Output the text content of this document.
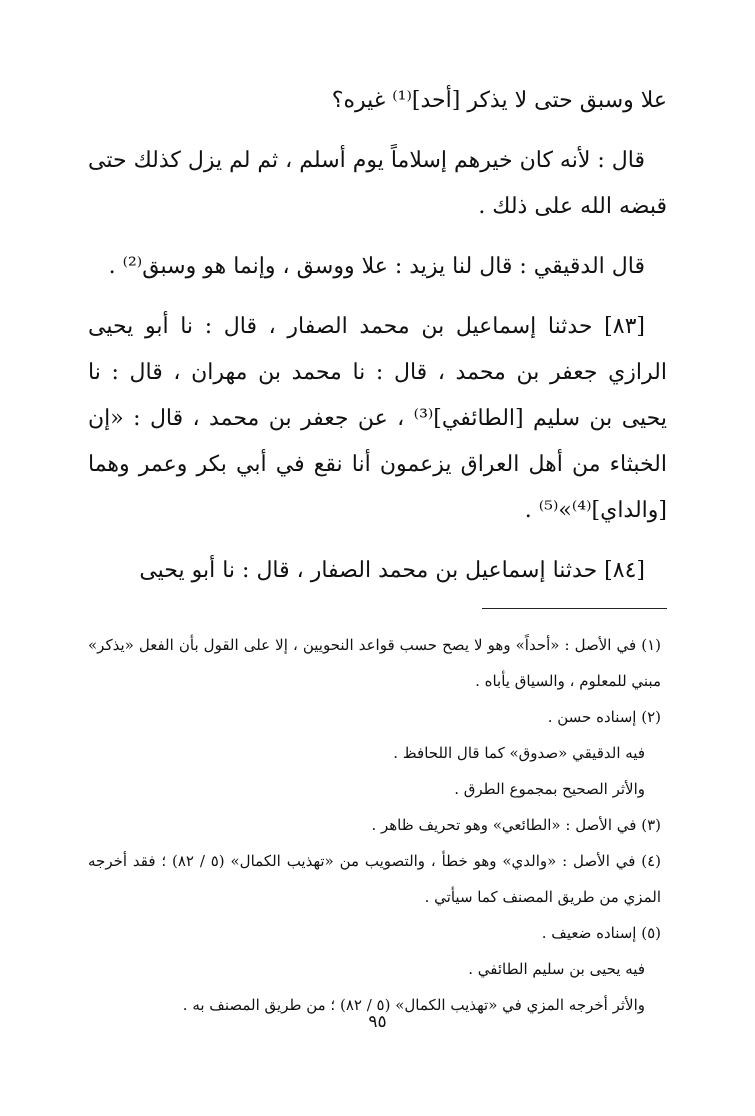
علا وسبق حتى لا يذكر [أحد]⁽¹⁾ غيره؟

قال : لأنه كان خيرهم إسلاماً يوم أسلم ، ثم لم يزل كذلك حتى قبضه الله على ذلك .

قال الدقيقي : قال لنا يزيد : علا ووسق ، وإنما هو وسبق⁽²⁾ .

[٨٣] حدثنا إسماعيل بن محمد الصفار ، قال : نا أبو يحيى الرازي جعفر بن محمد ، قال : نا محمد بن مهران ، قال : نا يحيى بن سليم [الطائفي]⁽³⁾ ، عن جعفر بن محمد ، قال : «إن الخبثاء من أهل العراق يزعمون أنا نقع في أبي بكر وعمر وهما [والداي]⁽⁴⁾»⁽⁵⁾ .

[٨٤] حدثنا إسماعيل بن محمد الصفار ، قال : نا أبو يحيى

(١) في الأصل : «أحداً» وهو لا يصح حسب قواعد النحويين ، إلا على القول بأن الفعل «يذكر» مبني للمعلوم ، والسياق يأباه .

(٢) إسناده حسن .

فيه الدقيقي «صدوق» كما قال اللحافظ .

والأثر الصحيح بمجموع الطرق .

(٣) في الأصل : «الطائعي» وهو تحريف ظاهر .

(٤) في الأصل : «والدي» وهو خطأ ، والتصويب من «تهذيب الكمال» (٥ / ٨٢) ؛ فقد أخرجه المزي من طريق المصنف كما سيأتي .

(٥) إسناده ضعيف .

فيه يحيى بن سليم الطائفي .

والأثر أخرجه المزي في «تهذيب الكمال» (٥ / ٨٢) ؛ من طريق المصنف به .

٩٥
